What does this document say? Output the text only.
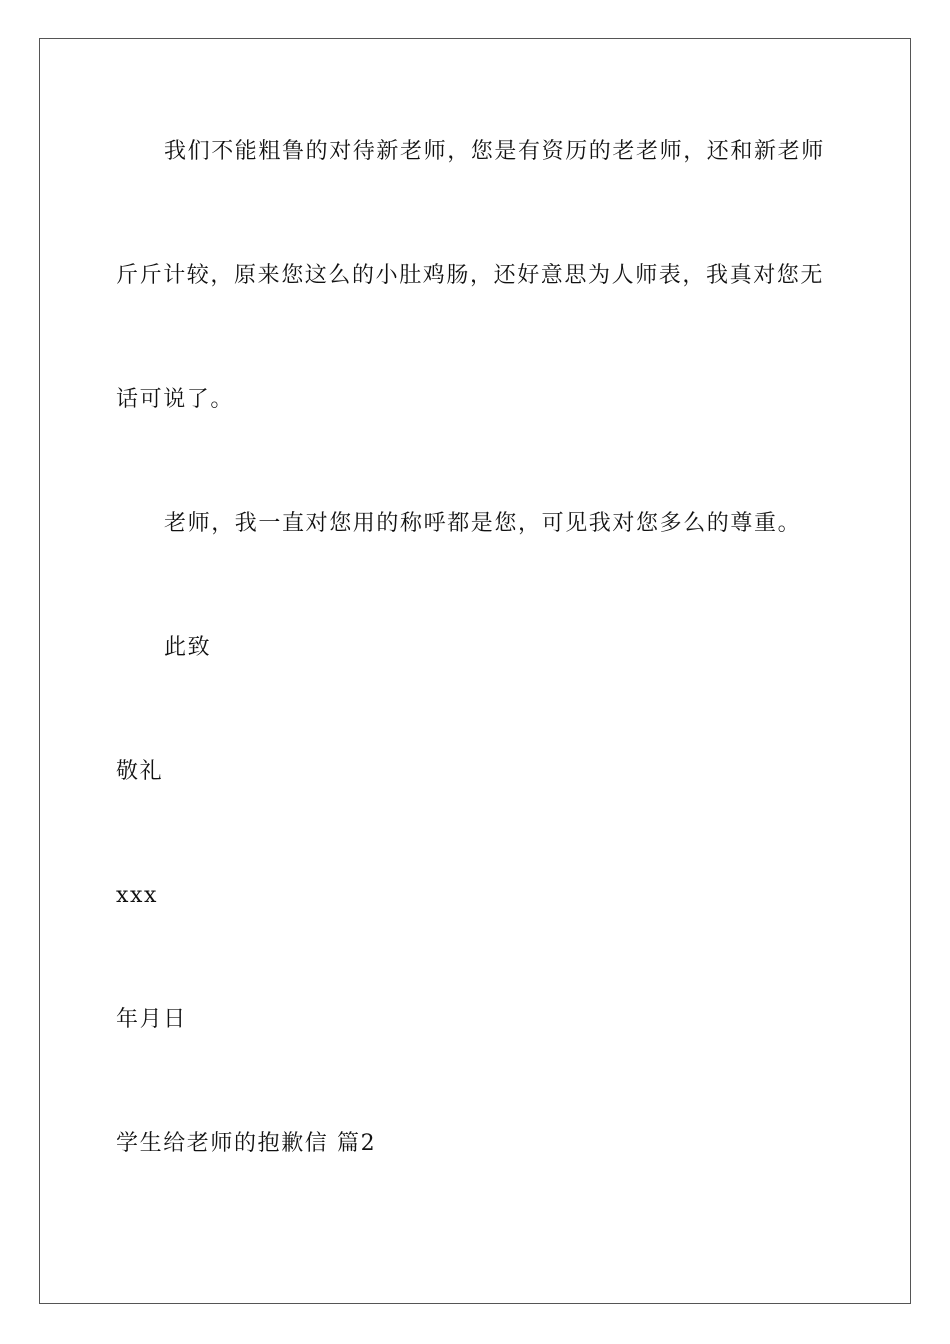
我们不能粗鲁的对待新老师，您是有资历的老老师，还和新老师
斤斤计较，原来您这么的小肚鸡肠，还好意思为人师表，我真对您无
话可说了。
老师，我一直对您用的称呼都是您，可见我对您多么的尊重。
此致
敬礼
xxx
年月日
学生给老师的抱歉信 篇2
